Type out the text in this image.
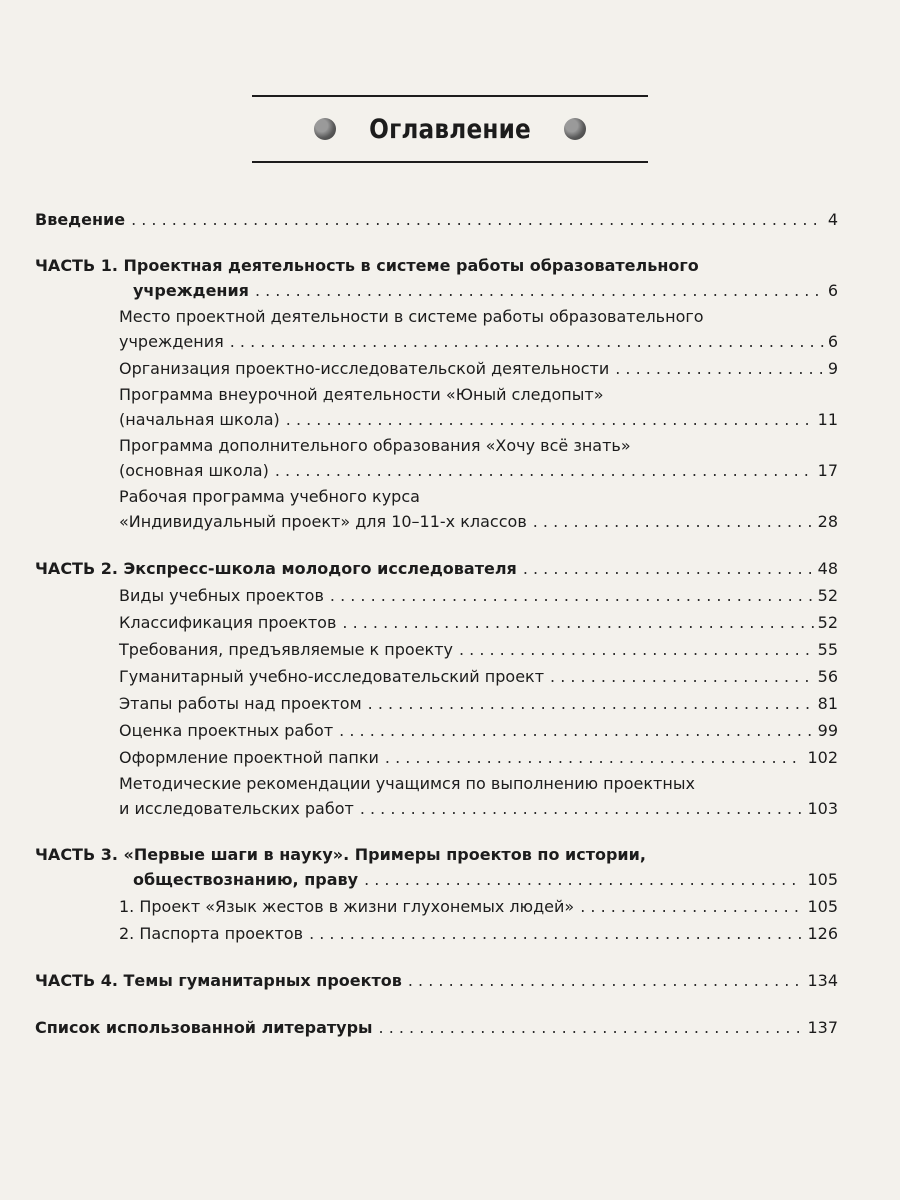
Оглавление
Введение . . .	4
ЧАСТЬ 1. Проектная деятельность в системе работы образовательного
учреждения . . .	6
Место проектной деятельности в системе работы образовательного
учреждения . . .	6
Организация проектно-исследовательской деятельности . . .	9
Программа внеурочной деятельности «Юный следопыт»
(начальная школа) . . .	11
Программа дополнительного образования «Хочу всё знать»
(основная школа) . . .	17
Рабочая программа учебного курса
«Индивидуальный проект» для 10–11-х классов . . .	28
ЧАСТЬ 2. Экспресс-школа молодого исследователя . . .	48
Виды учебных проектов . . .	52
Классификация проектов . . .	52
Требования, предъявляемые к проекту . . .	55
Гуманитарный учебно-исследовательский проект . . .	56
Этапы работы над проектом . . .	81
Оценка проектных работ . . .	99
Оформление проектной папки . . .	102
Методические рекомендации учащимся по выполнению проектных
и исследовательских работ . . .	103
ЧАСТЬ 3. «Первые шаги в науку». Примеры проектов по истории,
обществознанию, праву . . .	105
1. Проект «Язык жестов в жизни глухонемых людей» . . .	105
2. Паспорта проектов . . .	126
ЧАСТЬ 4. Темы гуманитарных проектов . . .	134
Список использованной литературы . . .	137
